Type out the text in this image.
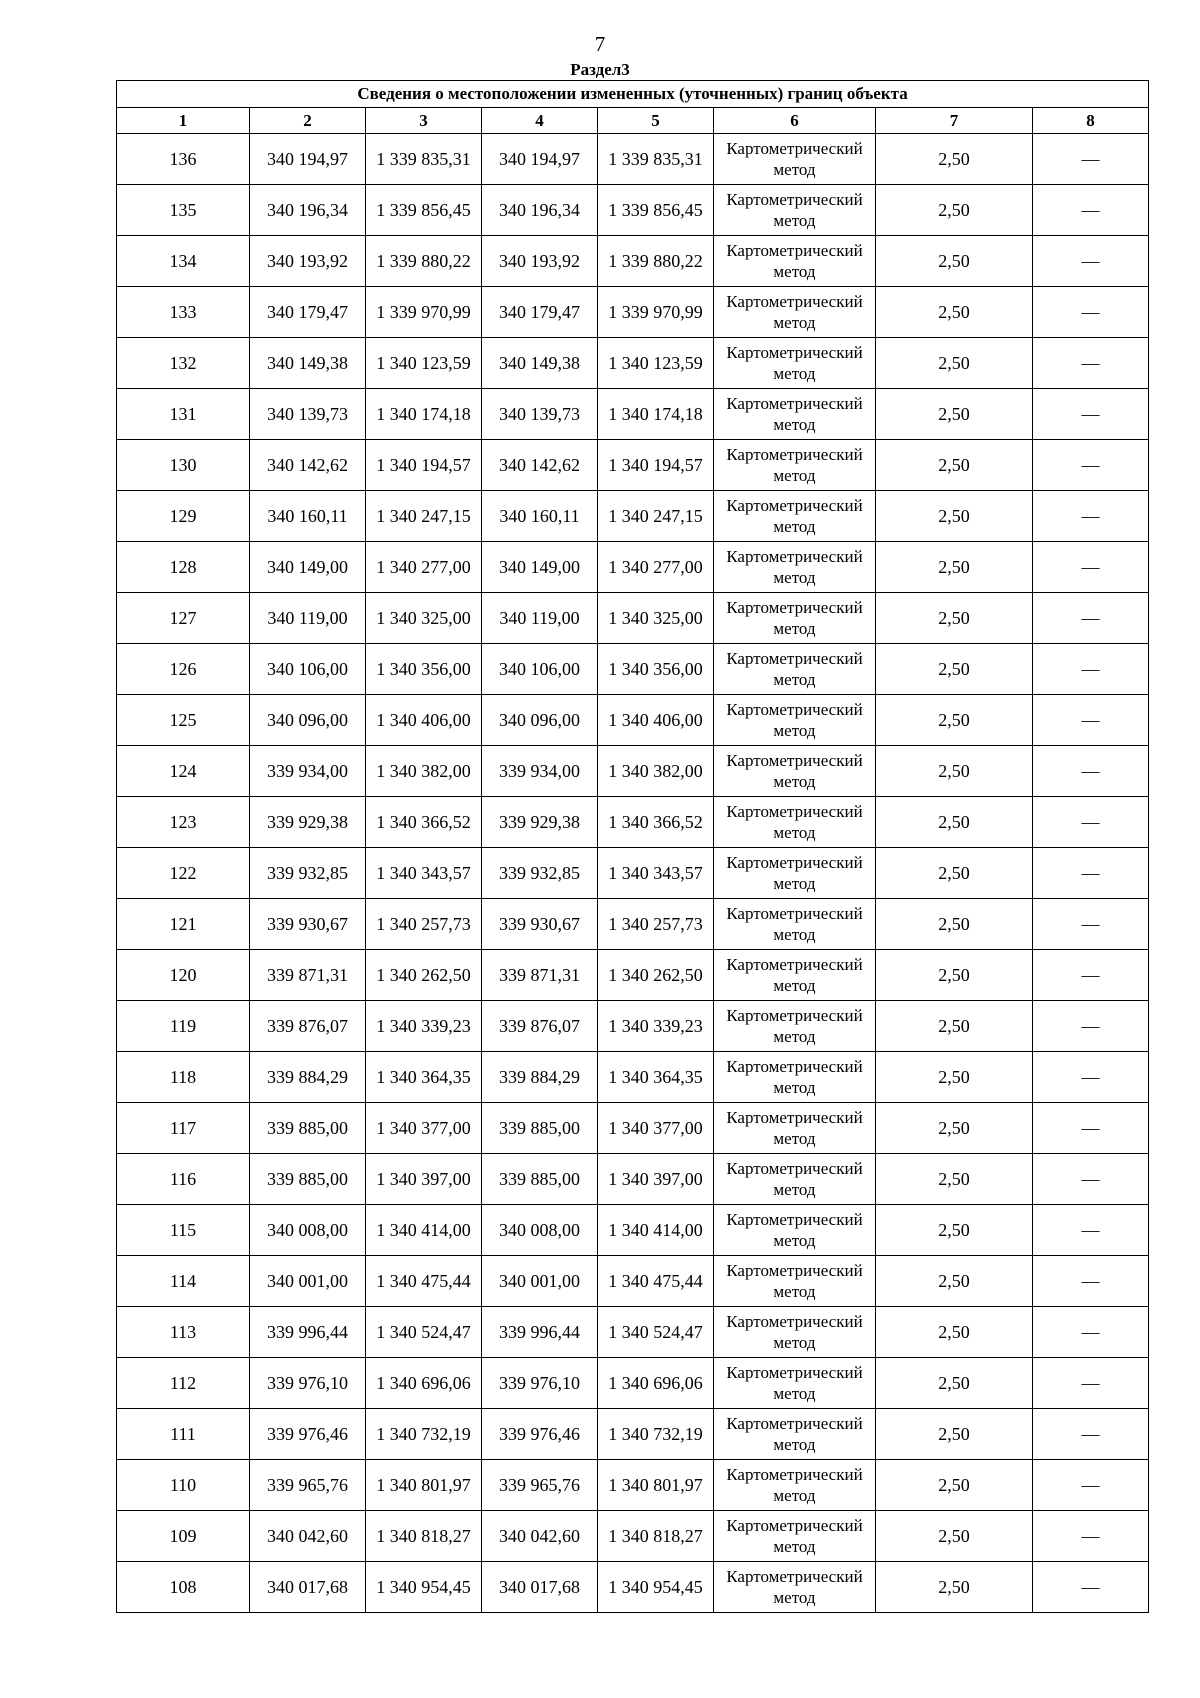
7
Раздел3
Сведения о местоположении измененных (уточненных) границ объекта							
1	2	3	4	5	6	7	8
136	340 194,97	1 339 835,31	340 194,97	1 339 835,31	Картометрический метод	2,50	—
135	340 196,34	1 339 856,45	340 196,34	1 339 856,45	Картометрический метод	2,50	—
134	340 193,92	1 339 880,22	340 193,92	1 339 880,22	Картометрический метод	2,50	—
133	340 179,47	1 339 970,99	340 179,47	1 339 970,99	Картометрический метод	2,50	—
132	340 149,38	1 340 123,59	340 149,38	1 340 123,59	Картометрический метод	2,50	—
131	340 139,73	1 340 174,18	340 139,73	1 340 174,18	Картометрический метод	2,50	—
130	340 142,62	1 340 194,57	340 142,62	1 340 194,57	Картометрический метод	2,50	—
129	340 160,11	1 340 247,15	340 160,11	1 340 247,15	Картометрический метод	2,50	—
128	340 149,00	1 340 277,00	340 149,00	1 340 277,00	Картометрический метод	2,50	—
127	340 119,00	1 340 325,00	340 119,00	1 340 325,00	Картометрический метод	2,50	—
126	340 106,00	1 340 356,00	340 106,00	1 340 356,00	Картометрический метод	2,50	—
125	340 096,00	1 340 406,00	340 096,00	1 340 406,00	Картометрический метод	2,50	—
124	339 934,00	1 340 382,00	339 934,00	1 340 382,00	Картометрический метод	2,50	—
123	339 929,38	1 340 366,52	339 929,38	1 340 366,52	Картометрический метод	2,50	—
122	339 932,85	1 340 343,57	339 932,85	1 340 343,57	Картометрический метод	2,50	—
121	339 930,67	1 340 257,73	339 930,67	1 340 257,73	Картометрический метод	2,50	—
120	339 871,31	1 340 262,50	339 871,31	1 340 262,50	Картометрический метод	2,50	—
119	339 876,07	1 340 339,23	339 876,07	1 340 339,23	Картометрический метод	2,50	—
118	339 884,29	1 340 364,35	339 884,29	1 340 364,35	Картометрический метод	2,50	—
117	339 885,00	1 340 377,00	339 885,00	1 340 377,00	Картометрический метод	2,50	—
116	339 885,00	1 340 397,00	339 885,00	1 340 397,00	Картометрический метод	2,50	—
115	340 008,00	1 340 414,00	340 008,00	1 340 414,00	Картометрический метод	2,50	—
114	340 001,00	1 340 475,44	340 001,00	1 340 475,44	Картометрический метод	2,50	—
113	339 996,44	1 340 524,47	339 996,44	1 340 524,47	Картометрический метод	2,50	—
112	339 976,10	1 340 696,06	339 976,10	1 340 696,06	Картометрический метод	2,50	—
111	339 976,46	1 340 732,19	339 976,46	1 340 732,19	Картометрический метод	2,50	—
110	339 965,76	1 340 801,97	339 965,76	1 340 801,97	Картометрический метод	2,50	—
109	340 042,60	1 340 818,27	340 042,60	1 340 818,27	Картометрический метод	2,50	—
108	340 017,68	1 340 954,45	340 017,68	1 340 954,45	Картометрический метод	2,50	—
